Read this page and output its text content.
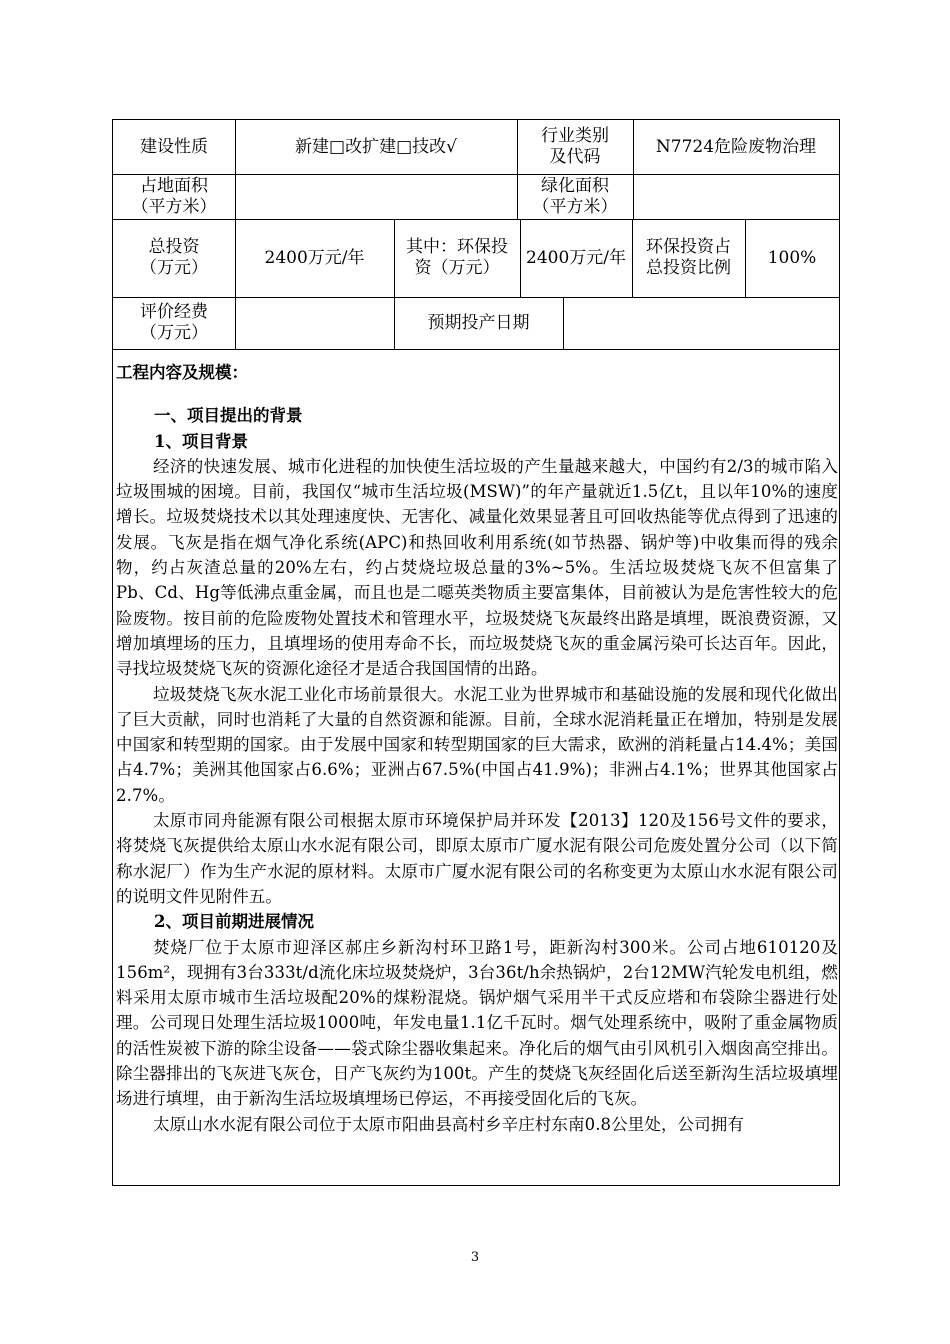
建设性质	新建□改扩建□技改√
行业类别
及代码
N7724危险废物治理
占地面积
（平方米）
绿化面积
（平方米）
总投资
（万元）
2400万元/年
其中：环保投
资（万元）
2400万元/年
环保投资占
总投资比例
100%
评价经费
（万元）
预期投产日期

工程内容及规模：

一、项目提出的背景

1、项目背景

经济的快速发展、城市化进程的加快使生活垃圾的产生量越来越大，中国约有2/3的城市陷入垃圾围城的困境。目前，我国仅“城市生活垃圾(MSW)”的年产量就近1.5亿t，且以年10%的速度增长。垃圾焚烧技术以其处理速度快、无害化、减量化效果显著且可回收热能等优点得到了迅速的发展。飞灰是指在烟气净化系统(APC)和热回收利用系统(如节热器、锅炉等)中收集而得的残余物，约占灰渣总量的20%左右，约占焚烧垃圾总量的3%~5%。生活垃圾焚烧飞灰不但富集了Pb、Cd、Hg等低沸点重金属，而且也是二噁英类物质主要富集体，目前被认为是危害性较大的危险废物。按目前的危险废物处置技术和管理水平，垃圾焚烧飞灰最终出路是填埋，既浪费资源，又增加填埋场的压力，且填埋场的使用寿命不长，而垃圾焚烧飞灰的重金属污染可长达百年。因此，寻找垃圾焚烧飞灰的资源化途径才是适合我国国情的出路。

垃圾焚烧飞灰水泥工业化市场前景很大。水泥工业为世界城市和基础设施的发展和现代化做出了巨大贡献，同时也消耗了大量的自然资源和能源。目前，全球水泥消耗量正在增加，特别是发展中国家和转型期的国家。由于发展中国家和转型期国家的巨大需求，欧洲的消耗量占14.4%；美国占4.7%；美洲其他国家占6.6%；亚洲占67.5%(中国占41.9%)；非洲占4.1%；世界其他国家占2.7%。

太原市同舟能源有限公司根据太原市环境保护局并环发【2013】120及156号文件的要求，将焚烧飞灰提供给太原山水水泥有限公司，即原太原市广厦水泥有限公司危废处置分公司（以下简称水泥厂）作为生产水泥的原材料。太原市广厦水泥有限公司的名称变更为太原山水水泥有限公司的说明文件见附件五。

2、项目前期进展情况

焚烧厂位于太原市迎泽区郝庄乡新沟村环卫路1号，距新沟村300米。公司占地610120及156m²，现拥有3台333t/d流化床垃圾焚烧炉，3台36t/h余热锅炉，2台12MW汽轮发电机组，燃料采用太原市城市生活垃圾配20%的煤粉混烧。锅炉烟气采用半干式反应塔和布袋除尘器进行处理。公司现日处理生活垃圾1000吨，年发电量1.1亿千瓦时。烟气处理系统中，吸附了重金属物质的活性炭被下游的除尘设备——袋式除尘器收集起来。净化后的烟气由引风机引入烟囱高空排出。除尘器排出的飞灰进飞灰仓，日产飞灰约为100t。产生的焚烧飞灰经固化后送至新沟生活垃圾填埋场进行填埋，由于新沟生活垃圾填埋场已停运，不再接受固化后的飞灰。

太原山水水泥有限公司位于太原市阳曲县高村乡辛庄村东南0.8公里处，公司拥有

3
